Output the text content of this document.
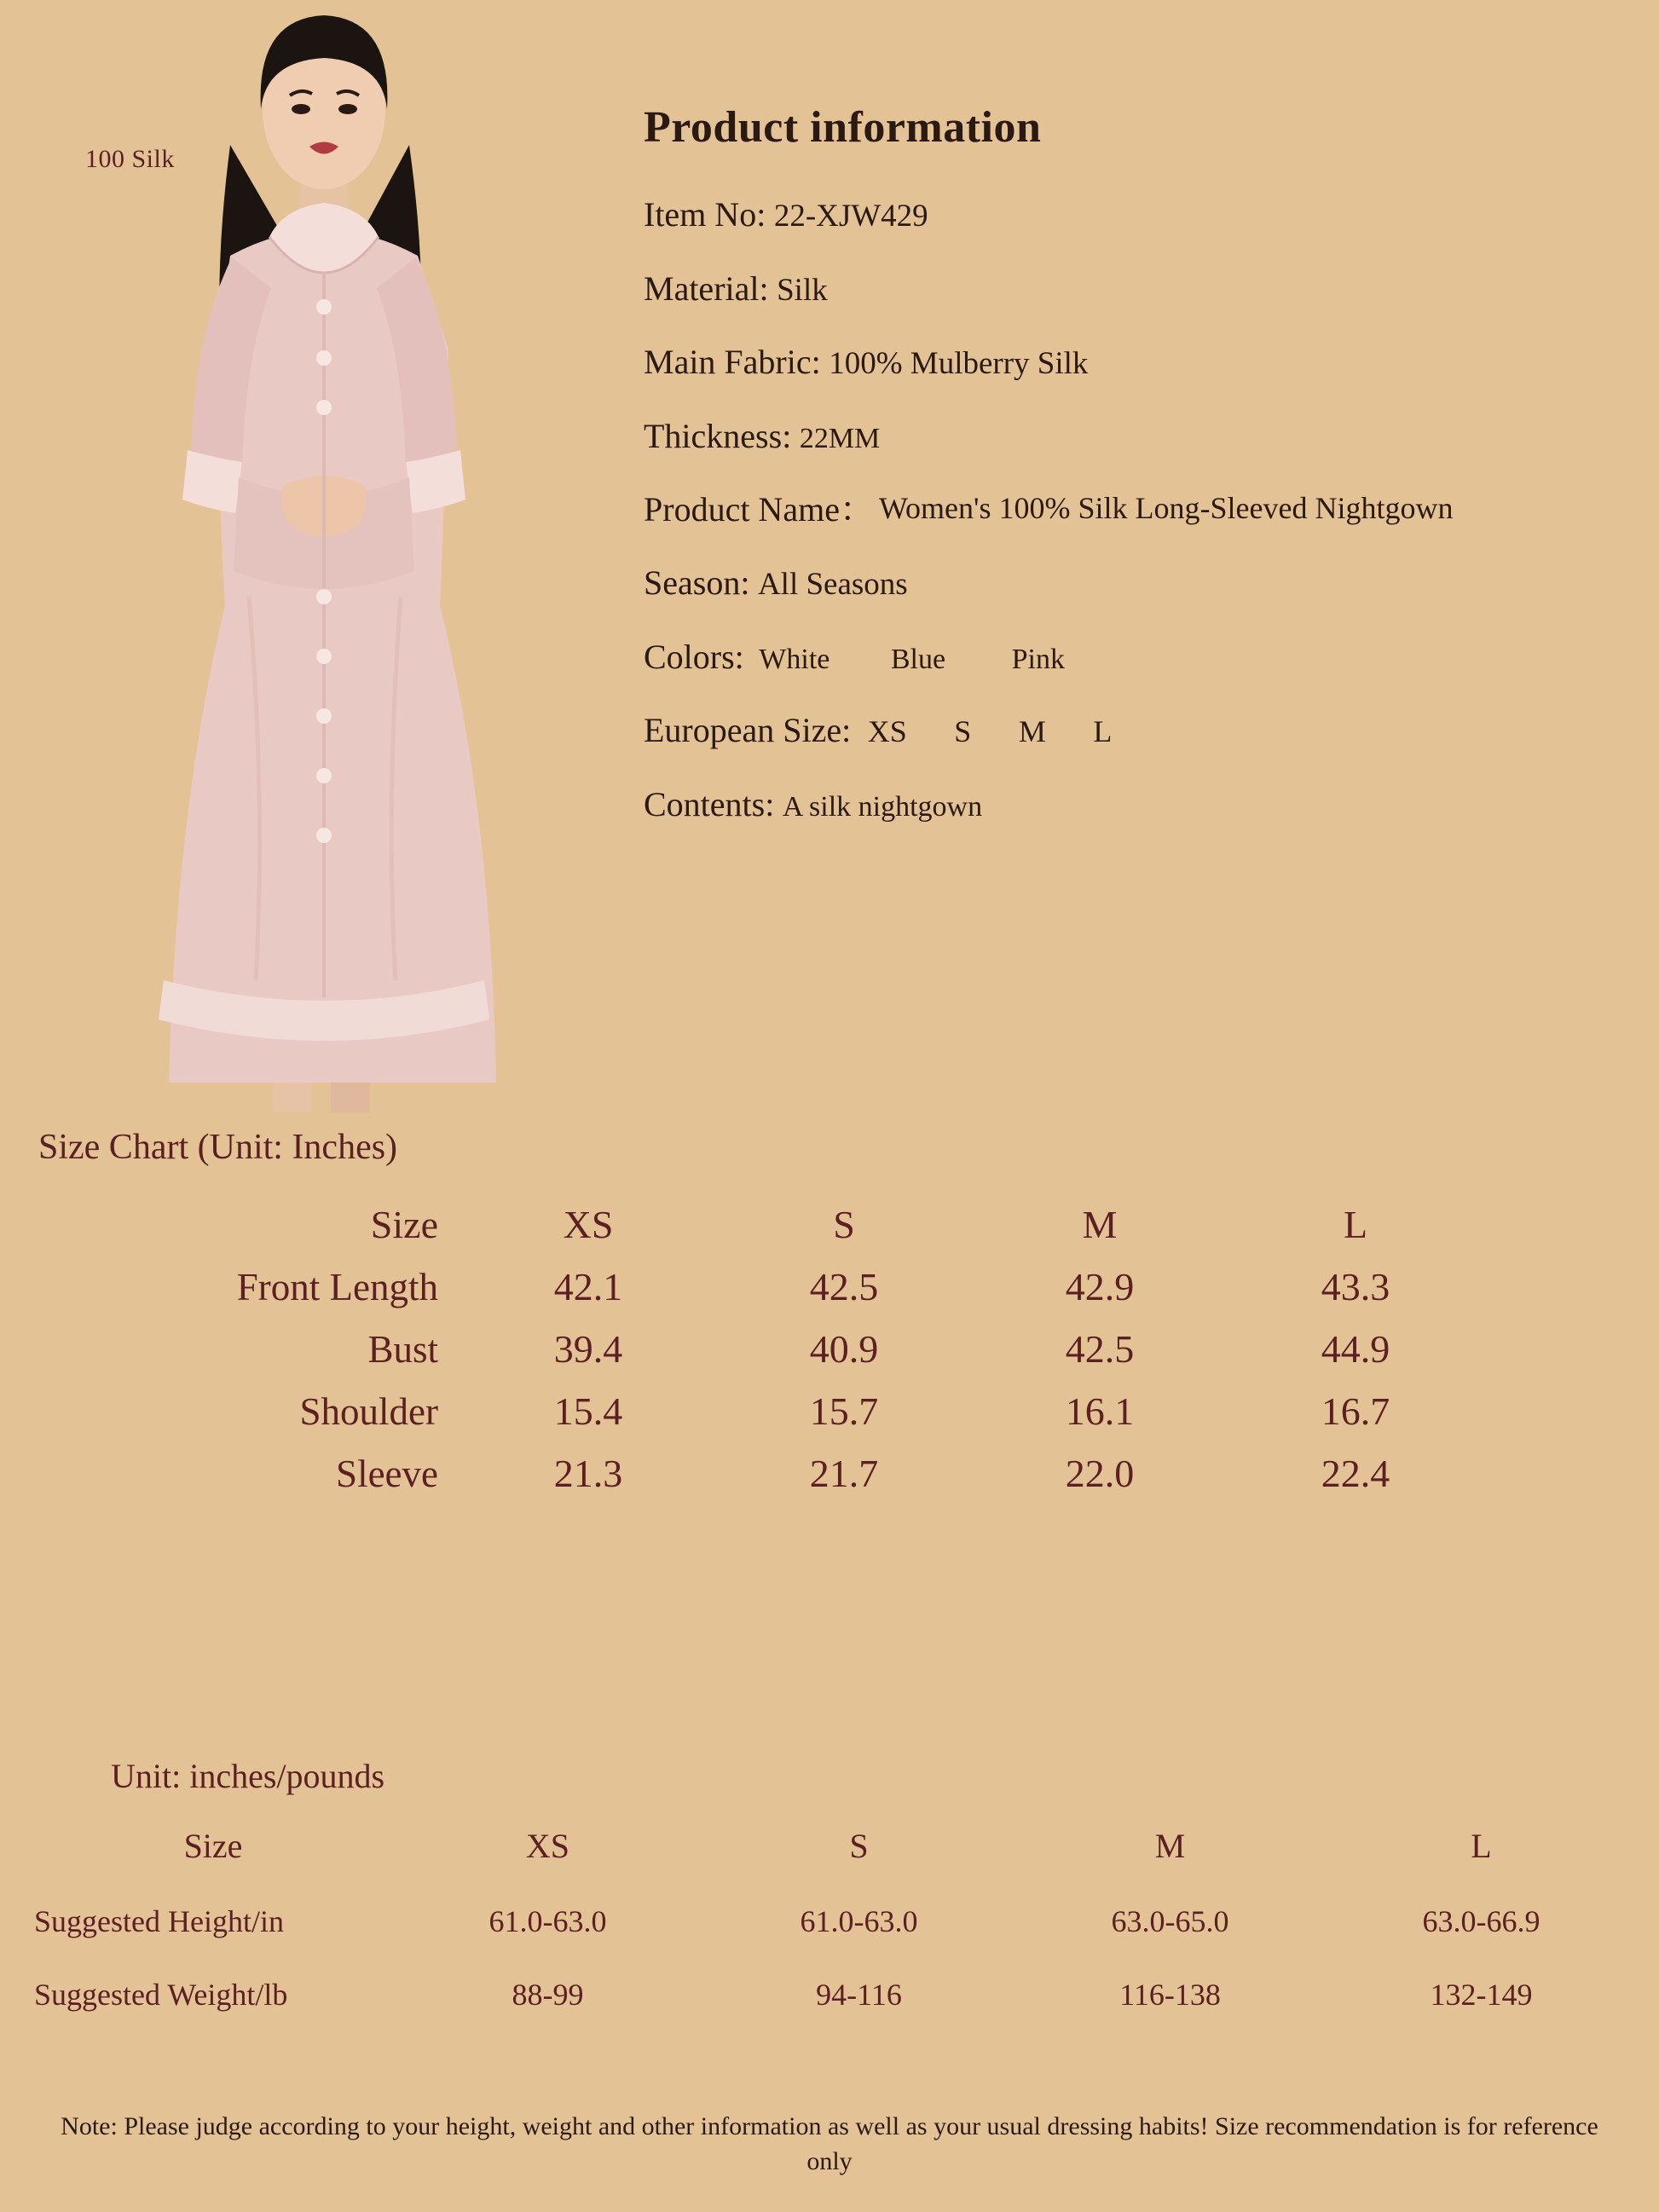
100 Silk
Product information
Item No: 22-XJW429
Material: Silk
Main Fabric: 100% Mulberry Silk
Thickness: 22MM
Product Name ： Women's 100% Silk Long-Sleeved Nightgown
Season: All Seasons
Colors: White Blue Pink
European Size: XS S M L
Contents: A silk nightgown
Size Chart (Unit: Inches)
Size	XS	S	M	L
Front Length	42.1	42.5	42.9	43.3
Bust	39.4	40.9	42.5	44.9
Shoulder	15.4	15.7	16.1	16.7
Sleeve	21.3	21.7	22.0	22.4
Unit: inches/pounds
Size	XS	S	M	L
Suggested Height/in	61.0-63.0	61.0-63.0	63.0-65.0	63.0-66.9
Suggested Weight/lb	88-99	94-116	116-138	132-149
Note: Please judge according to your height, weight and other information as well as your usual dressing habits! Size recommendation is for reference only
